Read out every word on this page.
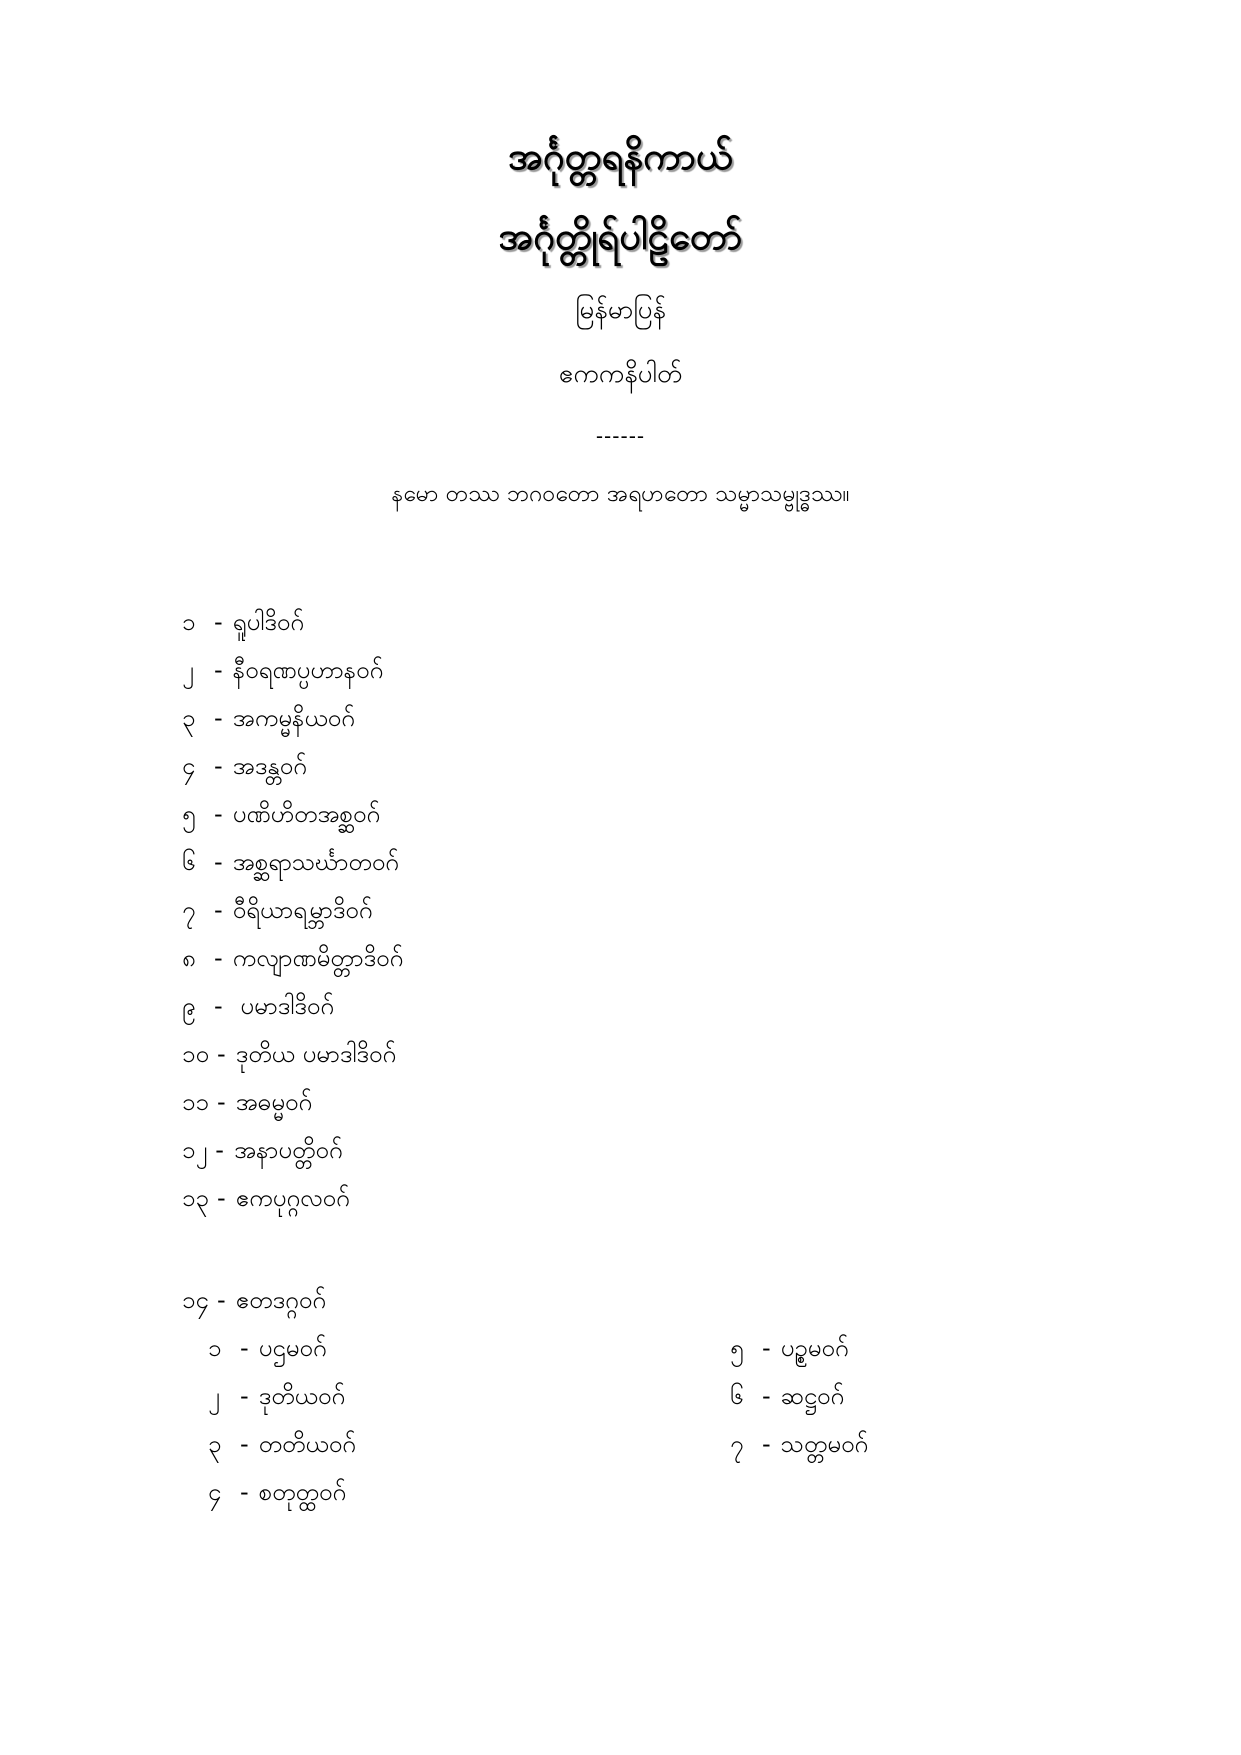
အင်္ဂုတ္တရနိကာယ်
အင်္ဂုတ္တိုရ်ပါဠိတော်
မြန်မာပြန်
ဧကကနိပါတ်
------
နမော တဿ ဘဂဝတော အရဟတော သမ္မာသမ္ဗုဒ္ဓဿ။
၁ - ရူပါဒိဝဂ်
၂ - နီဝရဏပ္ပဟာနဝဂ်
၃ - အကမ္မနိယဝဂ်
၄ - အဒန္တဝဂ်
၅ - ပဏိဟိတအစ္ဆဝဂ်
၆ - အစ္ဆရာသင်္ဃာတဝဂ်
၇ - ဝီရိယာရမ္ဘာဒိဝဂ်
၈ - ကလျာဏမိတ္တာဒိဝဂ်
၉ - ပမာဒါဒိဝဂ်
၁၀ - ဒုတိယ ပမာဒါဒိဝဂ်
၁၁ - အဓမ္မဝဂ်
၁၂ - အနာပတ္တိဝဂ်
၁၃ - ဧကပုဂ္ဂလဝဂ်
၁၄ - ဧတဒဂ္ဂဝဂ်
၁ - ပဌမဝဂ်
၂ - ဒုတိယဝဂ်
၃ - တတိယဝဂ်
၄ - စတုတ္ထဝဂ်
၅ - ပဥ္စမဝဂ်
၆ - ဆဋ္ဌဝဂ်
၇ - သတ္တမဝဂ်
